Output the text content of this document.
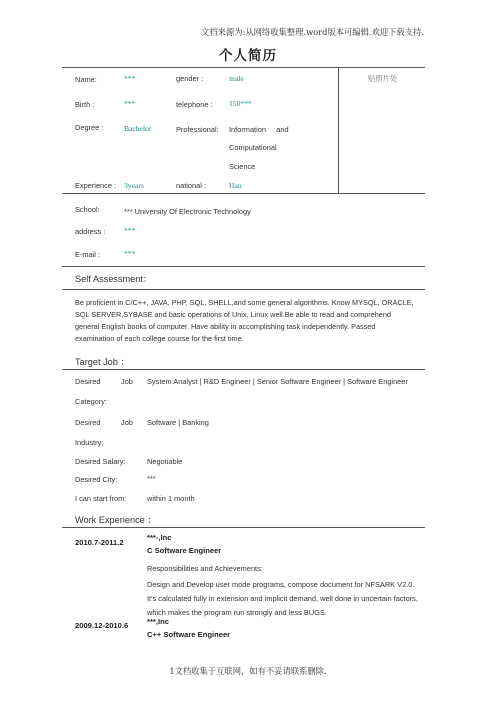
文档来源为:从网络收集整理.word版本可编辑.欢迎下载支持.
个人简历
贴照片处
Name:	***	gender :	male
Birth :	***	telephone : 150***
Degree :	Bachelor	Professional: Information     and
Computational
Science
Experience : 3years	national :	Han
School:	*** University Of Electronic Technology
address : ***
E-mail :	***
Self Assessment：
Be proficient in C/C++, JAVA, PHP, SQL, SHELL,and some general algorithms. Know MYSQL, ORACLE,
SQL SERVER,SYBASE and basic operations of Unix, Linux well.Be able to read and comprehend
general English books of computer. Have ability in accomplishing task independently. Passed
examination of each college course for the first time.
Target Job ：
Desired          Job
Category:
System Analyst | R&D Engineer | Senior Software Engineer | Software Engineer
Desired          Job
Industry:
Software | Banking
Desired Salary:	Negotiable
Desired City:	***
I can start from:	within 1 month
Work Experience ：
2010.7-2011.2
***-,Inc
C Software Engineer
Responsibilities and Achievements:
Design and Develop user mode programs, compose document for NFSARK V2.0.
It's calculated fully in extension and implicit demand, well done in uncertain factors,
which makes the program run strongly and less BUGS.
2009.12-2010.6 ***,Inc
C++ Software Engineer
1文档收集于互联网，如有不妥请联系删除.
